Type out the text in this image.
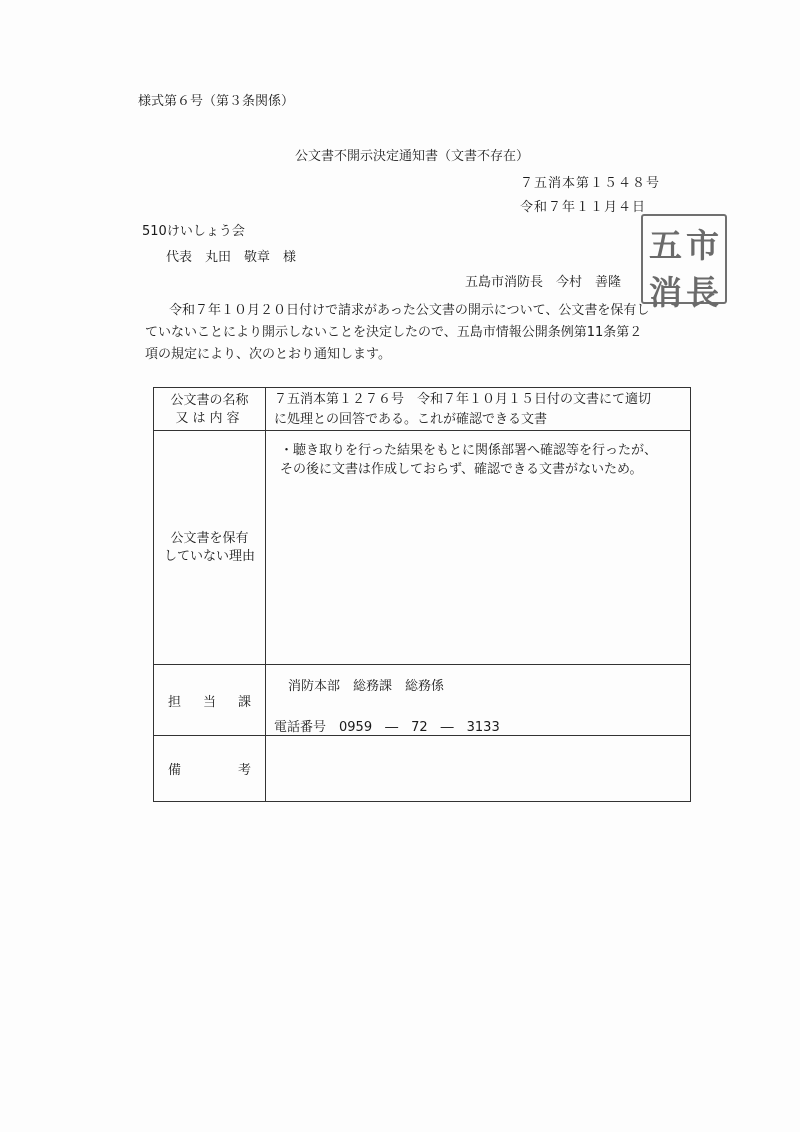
様式第６号（第３条関係）
公文書不開示決定通知書（文書不存在）
７五消本第１５４８号
令和７年１１月４日
510けいしょう会
代表　丸田　敬章　様
五島市消防長　今村　善隆
五 市
消 長
令和７年１０月２０日付けで請求があった公文書の開示について、公文書を保有し
ていないことにより開示しないことを決定したので、五島市情報公開条例第11条第２
項の規定により、次のとおり通知します。
公文書の名称
又は内容	７五消本第１２７６号　令和７年１０月１５日付の文書にて適切
に処理との回答である。これが確認できる文書

公文書を保有
していない理由	・聴き取りを行った結果をもとに関係部署へ確認等を行ったが、
その後に文書は作成しておらず、確認できる文書がないため。

担 当 課	消防本部　総務課　総務係
電話番号　0959　―　72　―　3133

備 考	
